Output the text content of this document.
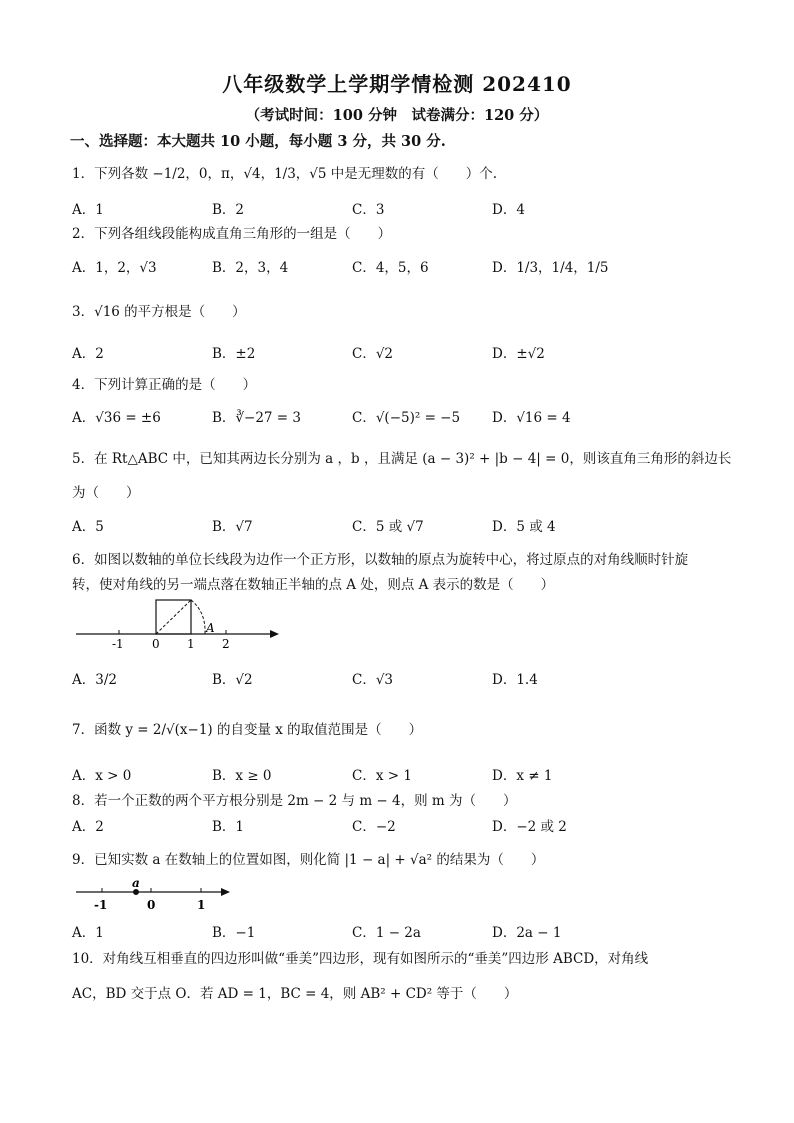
八年级数学上学期学情检测 202410
（考试时间：100 分钟　试卷满分：120 分）
一、选择题：本大题共 10 小题，每小题 3 分，共 30 分.
1．下列各数 −1/2，0，π，√4，1/3，√5 中是无理数的有（　　）个.
A．1	B．2	C．3	D．4
2．下列各组线段能构成直角三角形的一组是（　　）
A．1，2，√3	B．2，3，4	C．4，5，6	D．1/3，1/4，1/5
3．√16 的平方根是（　　）
A．2	B．±2	C．√2	D．±√2
4．下列计算正确的是（　　）
A．√36 = ±6	B．∛−27 = 3	C．√(−5)² = −5 D．√16 = 4
5．在 Rt△ABC 中，已知其两边长分别为 a ，b ，且满足 (a − 3)² + |b − 4| = 0，则该直角三角形的斜边长
为（　　）
A．5	B．√7	C．5 或 √7	D．5 或 4
6．如图以数轴的单位长线段为边作一个正方形，以数轴的原点为旋转中心，将过原点的对角线顺时针旋
转，使对角线的另一端点落在数轴正半轴的点 A 处，则点 A 表示的数是（　　）
-1 0 1 2
A
A．3/2	B．√2	C．√3	D．1.4
7．函数 y = 2/√(x−1) 的自变量 x 的取值范围是（　　）
A．x > 0	B．x ≥ 0	C．x > 1	D．x ≠ 1
8．若一个正数的两个平方根分别是 2m − 2 与 m − 4，则 m 为（　　）
A．2	B．1	C．−2	D．−2 或 2
9．已知实数 a 在数轴上的位置如图，则化简 |1 − a| + √a² 的结果为（　　）
a
-1	0	1
A．1	B．−1	C．1 − 2a	D．2a − 1
10．对角线互相垂直的四边形叫做“垂美”四边形，现有如图所示的“垂美”四边形 ABCD，对角线
AC，BD 交于点 O．若 AD = 1，BC = 4，则 AB² + CD² 等于（　　）
